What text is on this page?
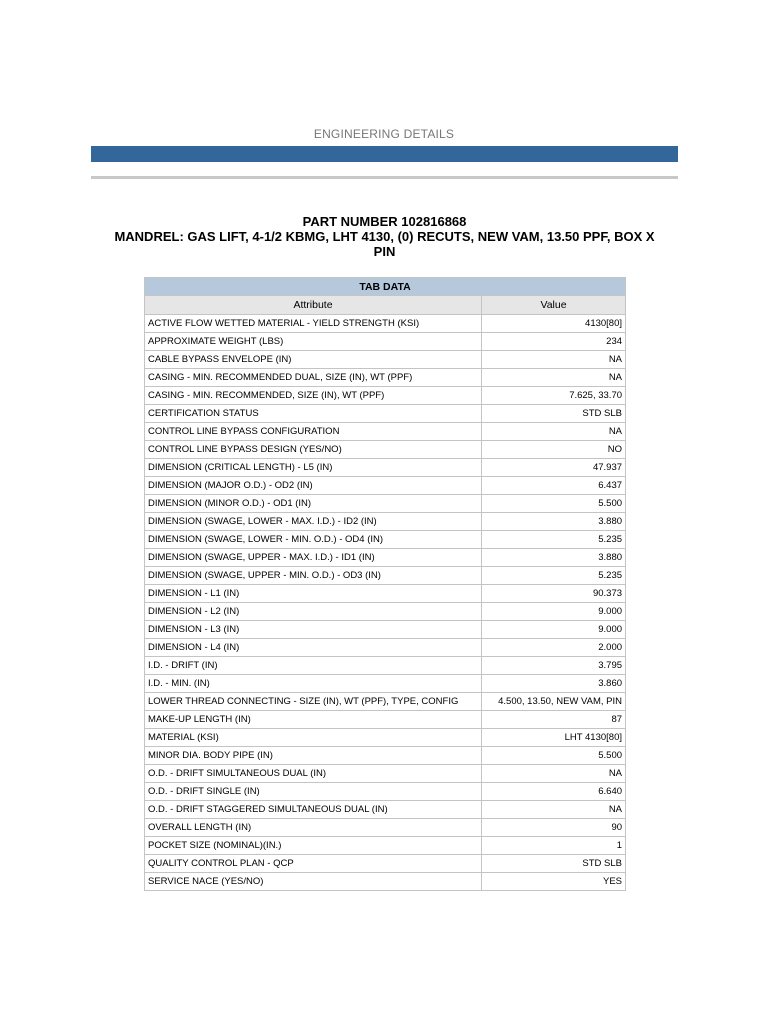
ENGINEERING DETAILS
PART NUMBER 102816868
MANDREL: GAS LIFT, 4-1/2 KBMG, LHT 4130, (0) RECUTS, NEW VAM, 13.50 PPF, BOX X
PIN
TAB DATA	
Attribute	Value
ACTIVE FLOW WETTED MATERIAL - YIELD STRENGTH (KSI)	4130[80]
APPROXIMATE WEIGHT (LBS)	234
CABLE BYPASS ENVELOPE (IN)	NA
CASING - MIN. RECOMMENDED DUAL, SIZE (IN), WT (PPF)	NA
CASING - MIN. RECOMMENDED, SIZE (IN), WT (PPF)	7.625, 33.70
CERTIFICATION STATUS	STD SLB
CONTROL LINE BYPASS CONFIGURATION	NA
CONTROL LINE BYPASS DESIGN (YES/NO)	NO
DIMENSION (CRITICAL LENGTH) - L5 (IN)	47.937
DIMENSION (MAJOR O.D.) - OD2 (IN)	6.437
DIMENSION (MINOR O.D.) - OD1 (IN)	5.500
DIMENSION (SWAGE, LOWER - MAX. I.D.) - ID2 (IN)	3.880
DIMENSION (SWAGE, LOWER - MIN. O.D.) - OD4 (IN)	5.235
DIMENSION (SWAGE, UPPER - MAX. I.D.) - ID1 (IN)	3.880
DIMENSION (SWAGE, UPPER - MIN. O.D.) - OD3 (IN)	5.235
DIMENSION - L1 (IN)	90.373
DIMENSION - L2 (IN)	9.000
DIMENSION - L3 (IN)	9.000
DIMENSION - L4 (IN)	2.000
I.D. - DRIFT (IN)	3.795
I.D. - MIN. (IN)	3.860
LOWER THREAD CONNECTING - SIZE (IN), WT (PPF), TYPE, CONFIG	4.500, 13.50, NEW VAM, PIN
MAKE-UP LENGTH (IN)	87
MATERIAL (KSI)	LHT 4130[80]
MINOR DIA. BODY PIPE (IN)	5.500
O.D. - DRIFT SIMULTANEOUS DUAL (IN)	NA
O.D. - DRIFT SINGLE (IN)	6.640
O.D. - DRIFT STAGGERED SIMULTANEOUS DUAL (IN)	NA
OVERALL LENGTH (IN)	90
POCKET SIZE (NOMINAL)(IN.)	1
QUALITY CONTROL PLAN - QCP	STD SLB
SERVICE NACE (YES/NO)	YES
